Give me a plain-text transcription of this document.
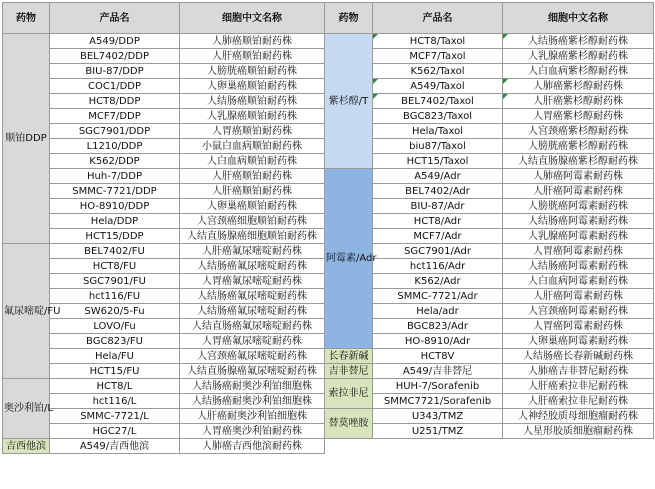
药物	产品名	细胞中文名称	药物	产品名	细胞中文名称
顺铂DDP	A549/DDP	人肺癌顺铂耐药株	紫杉醇/T	HCT8/Taxol	人结肠癌紫杉醇耐药株
	BEL7402/DDP	人肝癌顺铂耐药株		MCF7/Taxol	人乳腺癌紫杉醇耐药株
	BIU-87/DDP	人膀胱癌顺铂耐药株		K562/Taxol	人白血病紫杉醇耐药株
	COC1/DDP	人卵巢癌顺铂耐药株		A549/Taxol	人肺癌紫杉醇耐药株
	HCT8/DDP	人结肠癌顺铂耐药株		BEL7402/Taxol	人肝癌紫杉醇耐药株
	MCF7/DDP	人乳腺癌顺铂耐药株		BGC823/Taxol	人胃癌紫杉醇耐药株
	SGC7901/DDP	人胃癌顺铂耐药株		Hela/Taxol	人宫颈癌紫杉醇耐药株
	L1210/DDP	小鼠白血病顺铂耐药株		biu87/Taxol	人膀胱癌紫杉醇耐药株
	K562/DDP	人白血病顺铂耐药株		HCT15/Taxol	人结直肠腺癌紫杉醇耐药株
	Huh-7/DDP	人肝癌顺铂耐药株	阿霉素/Adr	A549/Adr	人肺癌阿霉素耐药株
	SMMC-7721/DDP	人肝癌顺铂耐药株		BEL7402/Adr	人肝癌阿霉素耐药株
	HO-8910/DDP	人卵巢癌顺铂耐药株		BIU-87/Adr	人膀胱癌阿霉素耐药株
	Hela/DDP	人宫颈癌细胞顺铂耐药株		HCT8/Adr	人结肠癌阿霉素耐药株
	HCT15/DDP	人结直肠腺癌细胞顺铂耐药株		MCF7/Adr	人乳腺癌阿霉素耐药株
氟尿嘧啶/FU	BEL7402/FU	人肝癌氟尿嘧啶耐药株		SGC7901/Adr	人胃癌阿霉素耐药株
	HCT8/FU	人结肠癌氟尿嘧啶耐药株		hct116/Adr	人结肠癌阿霉素耐药株
	SGC7901/FU	人胃癌氟尿嘧啶耐药株		K562/Adr	人白血病阿霉素耐药株
	hct116/FU	人结肠癌氟尿嘧啶耐药株		SMMC-7721/Adr	人肝癌阿霉素耐药株
	SW620/5-Fu	人结肠癌氟尿嘧啶耐药株		Hela/adr	人宫颈癌阿霉素耐药株
	LOVO/Fu	人结直肠癌氟尿嘧啶耐药株		BGC823/Adr	人胃癌阿霉素耐药株
	BGC823/FU	人胃癌氟尿嘧啶耐药株		HO-8910/Adr	人卵巢癌阿霉素耐药株
	Hela/FU	人宫颈癌氟尿嘧啶耐药株	长春新碱	HCT8V	人结肠癌长春新碱耐药株
	HCT15/FU	人结直肠腺癌氟尿嘧啶耐药株	吉非替尼	A549/吉非替尼	人肺癌吉非替尼耐药株
奥沙利铂/L	HCT8/L	人结肠癌耐奥沙利铂细胞株	索拉非尼	HUH-7/Sorafenib	人肝癌索拉非尼耐药株
	hct116/L	人结肠癌耐奥沙利铂细胞株		SMMC7721/Sorafenib	人肝癌索拉非尼耐药株
	SMMC-7721/L	人肝癌耐奥沙利铂细胞株	替莫唑胺	U343/TMZ	人神经胶质母细胞瘤耐药株
	HGC27/L	人胃癌奥沙利铂耐药株		U251/TMZ	人星形胶质细胞瘤耐药株
吉西他滨	A549/吉西他滨	人肺癌吉西他滨耐药株			
